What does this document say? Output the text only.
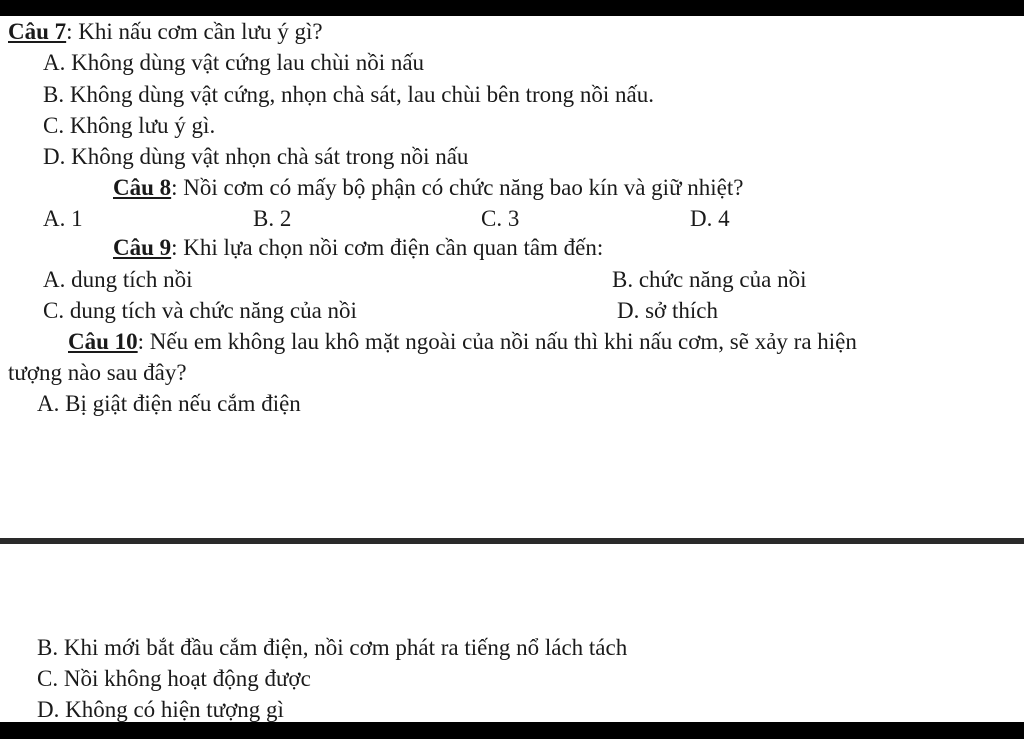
Câu 7: Khi nấu cơm cần lưu ý gì?
A. Không dùng vật cứng lau chùi nồi nấu
B. Không dùng vật cứng, nhọn chà sát, lau chùi bên trong nồi nấu.
C. Không lưu ý gì.
D. Không dùng vật nhọn chà sát trong nồi nấu
Câu 8: Nồi cơm có mấy bộ phận có chức năng bao kín và giữ nhiệt?
A. 1	B. 2	C. 3	D. 4
Câu 9: Khi lựa chọn nồi cơm điện cần quan tâm đến:
A. dung tích nồi	B. chức năng của nồi
C. dung tích và chức năng của nồi	D. sở thích
Câu 10: Nếu em không lau khô mặt ngoài của nồi nấu thì khi nấu cơm, sẽ xảy ra hiện
tượng nào sau đây?
A. Bị giật điện nếu cắm điện
B. Khi mới bắt đầu cắm điện, nồi cơm phát ra tiếng nổ lách tách
C. Nồi không hoạt động được
D. Không có hiện tượng gì
